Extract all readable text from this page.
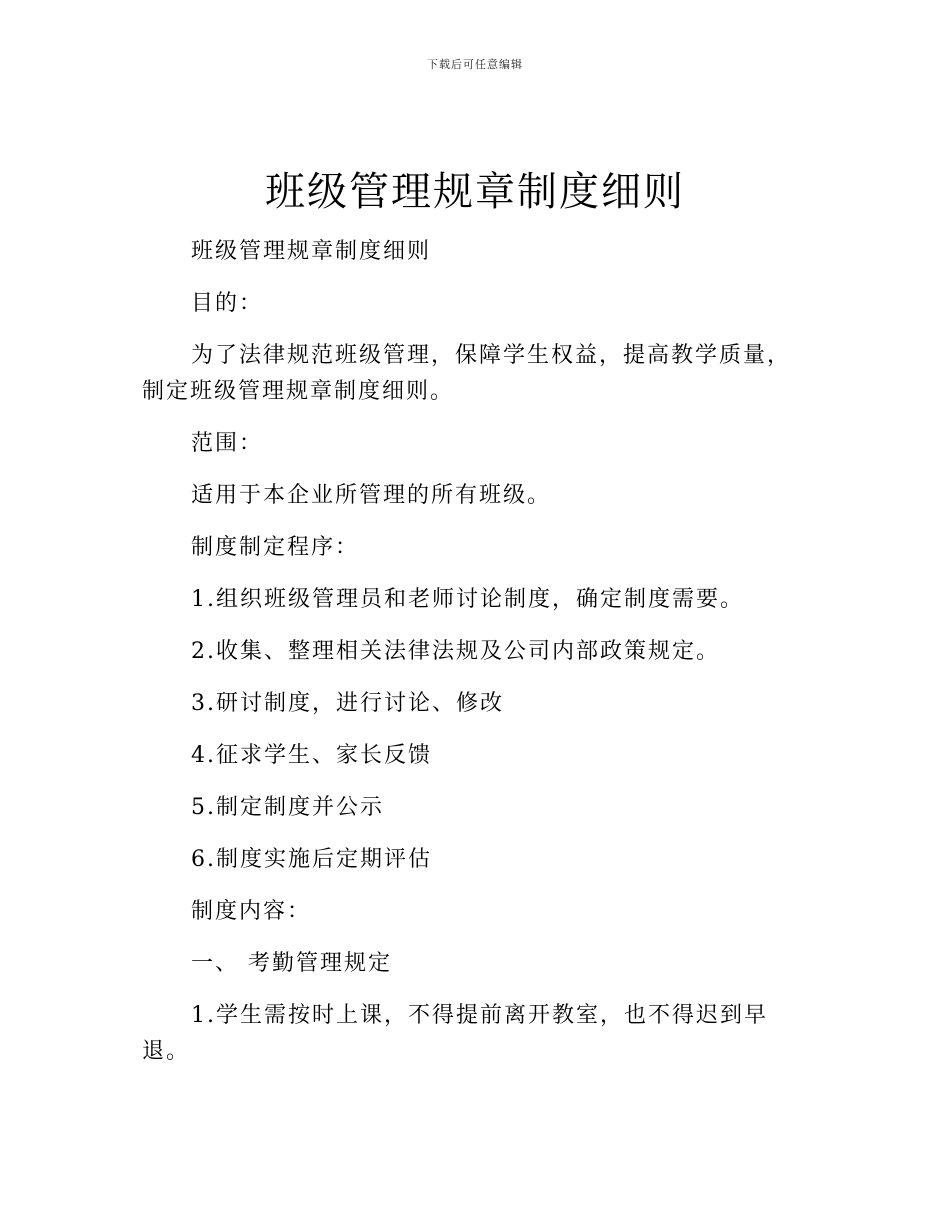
下载后可任意编辑
班级管理规章制度细则

班级管理规章制度细则

目的：

为了法律规范班级管理，保障学生权益，提高教学质量，制定班级管理规章制度细则。

范围：

适用于本企业所管理的所有班级。

制度制定程序：

1.组织班级管理员和老师讨论制度，确定制度需要。

2.收集、整理相关法律法规及公司内部政策规定。

3.研讨制度，进行讨论、修改

4.征求学生、家长反馈

5.制定制度并公示

6.制度实施后定期评估

制度内容：

一、 考勤管理规定

1.学生需按时上课，不得提前离开教室，也不得迟到早退。
